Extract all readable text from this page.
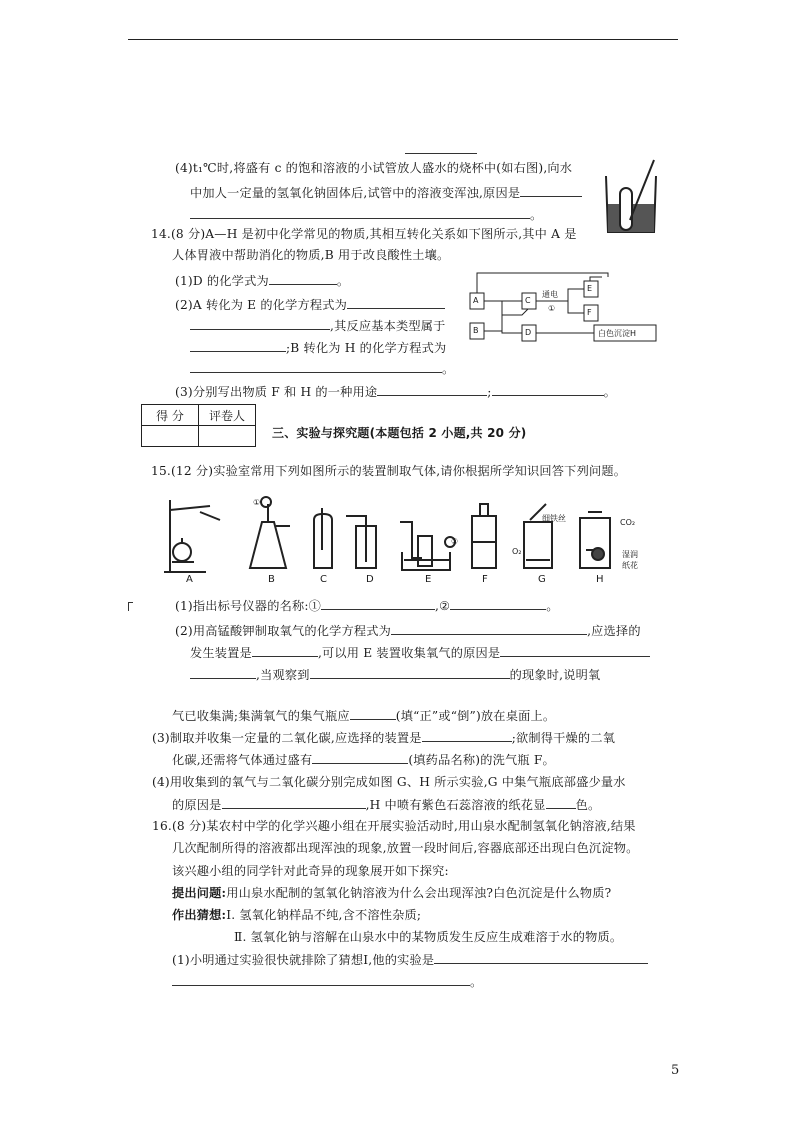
(4)t₁℃时,将盛有 c 的饱和溶液的小试管放人盛水的烧杯中(如右图),向水
中加人一定量的氢氧化钠固体后,试管中的溶液变浑浊,原因是
。
14.(8 分)A—H 是初中化学常见的物质,其相互转化关系如下图所示,其中 A 是
人体胃液中帮助消化的物质,B 用于改良酸性土壤。
(1)D 的化学式为	。
(2)A 转化为 E 的化学方程式为
,其反应基本类型属于
;B 转化为 H 的化学方程式为
。
(3)分别写出物质 F 和 H 的一种用途	;	。
A
B
C
D
E
F
通电
①
白色沉淀H
得 分	评卷人

三、实验与探究题(本题包括 2 小题,共 20 分)
15.(12 分)实验室常用下列如图所示的装置制取气体,请你根据所学知识回答下列问题。
①
②
细铁丝
O₂
CO₂
湿润
纸花
A	B	C	D	E	F	G	H
(1)指出标号仪器的名称:①	,②	。
(2)用高锰酸钾制取氧气的化学方程式为	,应选择的
发生装置是	,可以用 E 装置收集氧气的原因是
,当观察到	的现象时,说明氧
气已收集满;集满氧气的集气瓶应	(填“正”或“倒”)放在桌面上。
(3)制取并收集一定量的二氧化碳,应选择的装置是	;欲制得干燥的二氧
化碳,还需将气体通过盛有	(填药品名称)的洗气瓶 F。
(4)用收集到的氧气与二氧化碳分别完成如图 G、H 所示实验,G 中集气瓶底部盛少量水
的原因是	,H 中喷有紫色石蕊溶液的纸花显 色。
16.(8 分)某农村中学的化学兴趣小组在开展实验活动时,用山泉水配制氢氧化钠溶液,结果
几次配制所得的溶液都出现浑浊的现象,放置一段时间后,容器底部还出现白色沉淀物。
该兴趣小组的同学针对此奇异的现象展开如下探究:
提出问题:用山泉水配制的氢氧化钠溶液为什么会出现浑浊?白色沉淀是什么物质?
作出猜想:Ⅰ. 氢氧化钠样品不纯,含不溶性杂质;
Ⅱ. 氢氧化钠与溶解在山泉水中的某物质发生反应生成难溶于水的物质。
(1)小明通过实验很快就排除了猜想Ⅰ,他的实验是
。
5
